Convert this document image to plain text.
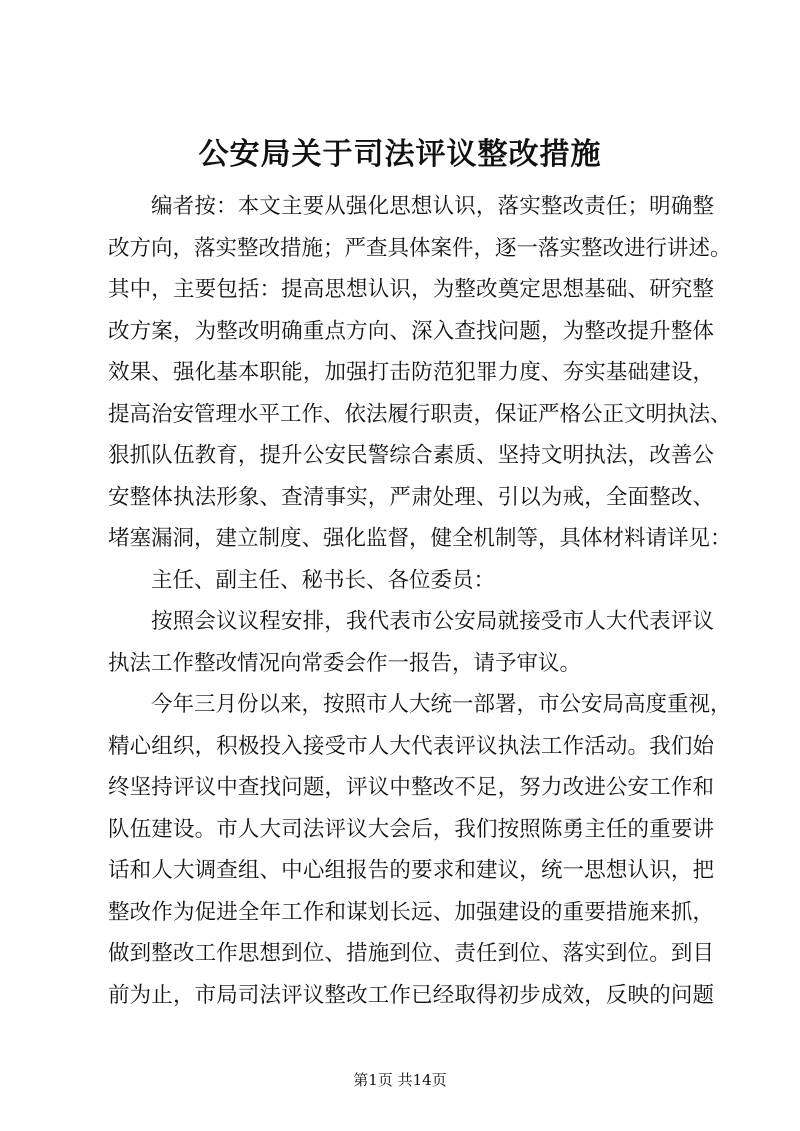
公安局关于司法评议整改措施
编者按：本文主要从强化思想认识，落实整改责任；明确整
改方向，落实整改措施；严查具体案件，逐一落实整改进行讲述。
其中，主要包括：提高思想认识，为整改奠定思想基础、研究整
改方案，为整改明确重点方向、深入查找问题，为整改提升整体
效果、强化基本职能，加强打击防范犯罪力度、夯实基础建设，
提高治安管理水平工作、依法履行职责，保证严格公正文明执法、
狠抓队伍教育，提升公安民警综合素质、坚持文明执法，改善公
安整体执法形象、查清事实，严肃处理、引以为戒，全面整改、
堵塞漏洞，建立制度、强化监督，健全机制等，具体材料请详见：
主任、副主任、秘书长、各位委员：
按照会议议程安排，我代表市公安局就接受市人大代表评议
执法工作整改情况向常委会作一报告，请予审议。
今年三月份以来，按照市人大统一部署，市公安局高度重视，
精心组织，积极投入接受市人大代表评议执法工作活动。我们始
终坚持评议中查找问题，评议中整改不足，努力改进公安工作和
队伍建设。市人大司法评议大会后，我们按照陈勇主任的重要讲
话和人大调查组、中心组报告的要求和建议，统一思想认识，把
整改作为促进全年工作和谋划长远、加强建设的重要措施来抓，
做到整改工作思想到位、措施到位、责任到位、落实到位。到目
前为止，市局司法评议整改工作已经取得初步成效，反映的问题
第1页 共14页
